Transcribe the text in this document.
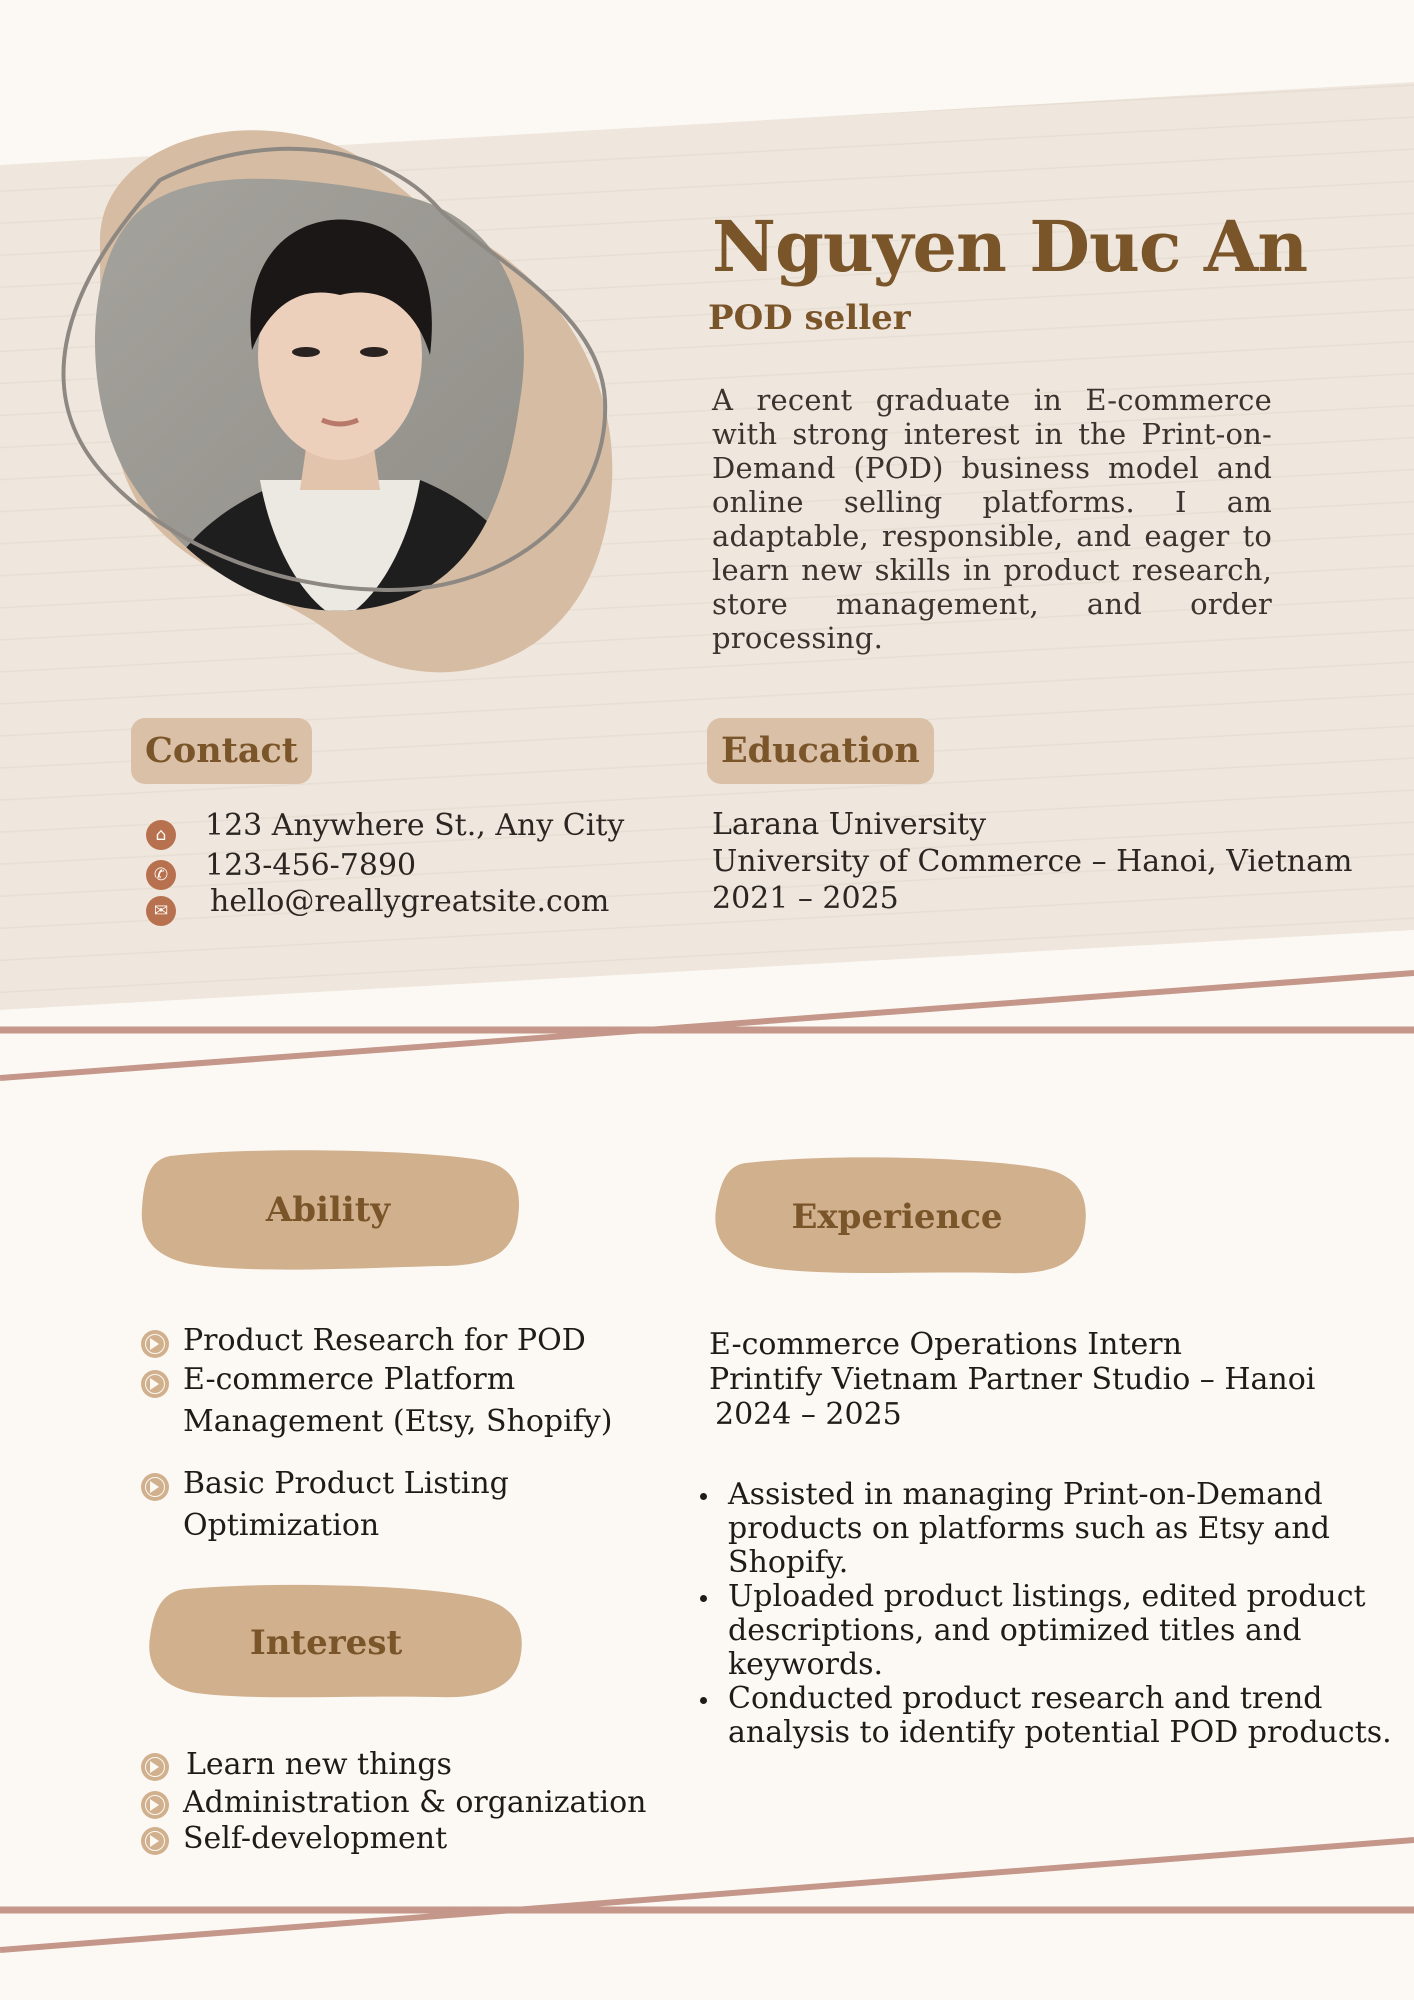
Nguyen Duc An
POD seller
A recent graduate in E-commerce with strong interest in the Print-on-Demand (POD) business model and online selling platforms. I am adaptable, responsible, and eager to learn new skills in product research, store management, and order processing.
Contact
⌂	123 Anywhere St., Any City
✆ 123-456-7890
✉ hello@reallygreatsite.com
Education
Larana University
University of Commerce – Hanoi, Vietnam
2021 – 2025
Ability
Product Research for POD
E-commerce Platform
Management (Etsy, Shopify)
Basic Product Listing
Optimization
Interest
Learn new things
Administration & organization
Self-development
Experience
E-commerce Operations Intern
Printify Vietnam Partner Studio – Hanoi
2024 – 2025
Assisted in managing Print-on-Demand products on platforms such as Etsy and Shopify.
Uploaded product listings, edited product descriptions, and optimized titles and keywords.
Conducted product research and trend analysis to identify potential POD products.
